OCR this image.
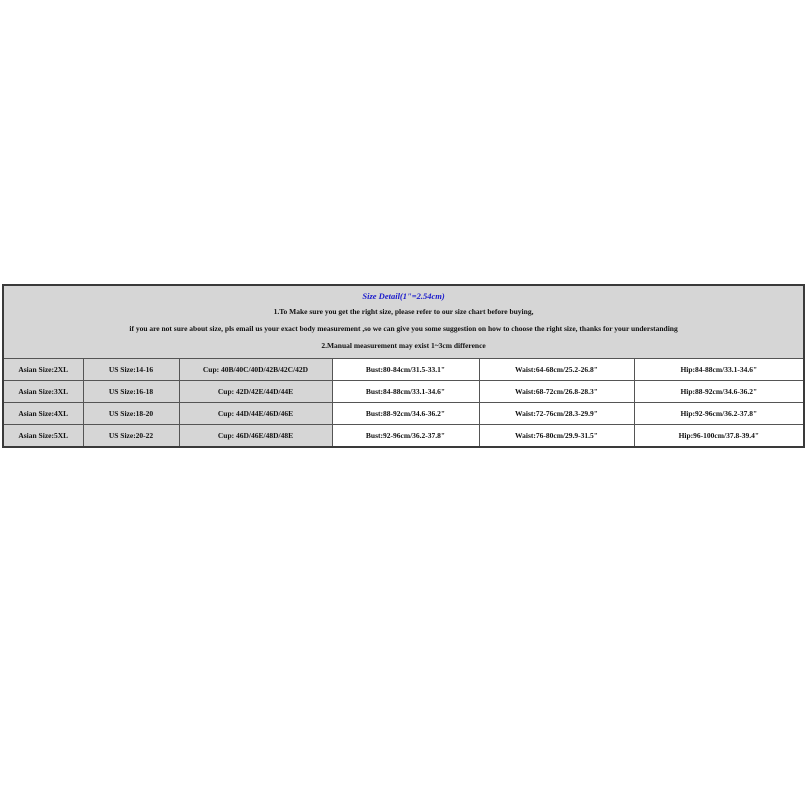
Size Detail(1"=2.54cm)
1.To Make sure you get the right size, please refer to our size chart before buying,
if you are not sure about size, pls email us your exact body measurement ,so we can give you some suggestion on how to choose the right size, thanks for your understanding
2.Manual measurement may exist 1~3cm difference					

Asian Size:2XL	US Size:14-16	Cup: 40B/40C/40D/42B/42C/42D	Bust:80-84cm/31.5-33.1"	Waist:64-68cm/25.2-26.8"	Hip:84-88cm/33.1-34.6"
Asian Size:3XL	US Size:16-18	Cup: 42D/42E/44D/44E	Bust:84-88cm/33.1-34.6"	Waist:68-72cm/26.8-28.3"	Hip:88-92cm/34.6-36.2"
Asian Size:4XL	US Size:18-20	Cup: 44D/44E/46D/46E	Bust:88-92cm/34.6-36.2"	Waist:72-76cm/28.3-29.9"	Hip:92-96cm/36.2-37.8"
Asian Size:5XL	US Size:20-22	Cup: 46D/46E/48D/48E	Bust:92-96cm/36.2-37.8"	Waist:76-80cm/29.9-31.5"	Hip:96-100cm/37.8-39.4"
